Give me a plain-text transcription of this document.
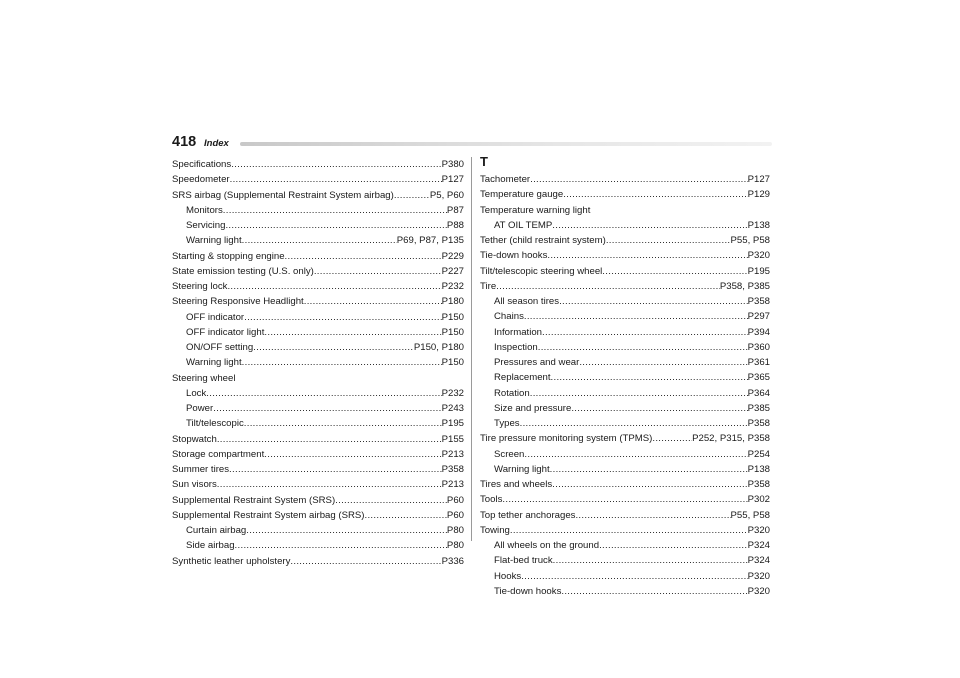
418 Index
Specifications .....	P380
Speedometer .....	P127
SRS airbag (Supplemental Restraint System airbag) .....	P5, P60
Monitors .....	P87
Servicing .....	P88
Warning light .....	P69, P87, P135
Starting & stopping engine .....	P229
State emission testing (U.S. only) .....	P227
Steering lock .....	P232
Steering Responsive Headlight .....	P180
OFF indicator .....	P150
OFF indicator light .....	P150
ON/OFF setting .....	P150, P180
Warning light .....	P150
Steering wheel
Lock .....	P232
Power .....	P243
Tilt/telescopic .....	P195
Stopwatch .....	P155
Storage compartment .....	P213
Summer tires .....	P358
Sun visors .....	P213
Supplemental Restraint System (SRS) .....	P60
Supplemental Restraint System airbag (SRS) .....	P60
Curtain airbag .....	P80
Side airbag .....	P80
Synthetic leather upholstery .....	P336
T
Tachometer .....	P127
Temperature gauge .....	P129
Temperature warning light
AT OIL TEMP .....	P138
Tether (child restraint system) .....	P55, P58
Tie-down hooks .....	P320
Tilt/telescopic steering wheel .....	P195
Tire .....	P358, P385
All season tires .....	P358
Chains .....	P297
Information .....	P394
Inspection .....	P360
Pressures and wear .....	P361
Replacement .....	P365
Rotation .....	P364
Size and pressure .....	P385
Types .....	P358
Tire pressure monitoring system (TPMS) .....	P252, P315, P358
Screen .....	P254
Warning light .....	P138
Tires and wheels .....	P358
Tools .....	P302
Top tether anchorages .....	P55, P58
Towing .....	P320
All wheels on the ground .....	P324
Flat-bed truck .....	P324
Hooks .....	P320
Tie-down hooks .....	P320
